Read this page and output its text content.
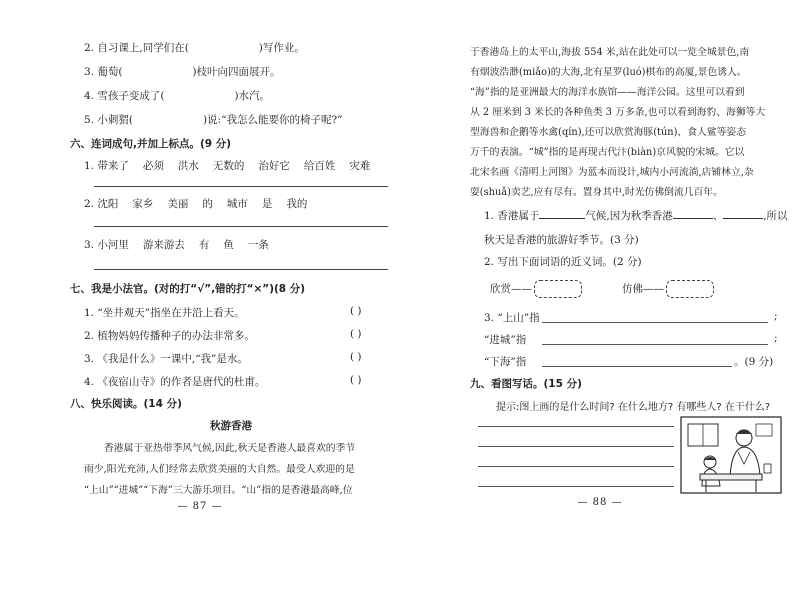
2. 自习课上,同学们在(	)写作业。
3. 葡萄(	)枝叶向四面展开。
4. 雪孩子变成了(	)水汽。
5. 小刺猬(	)说:“我怎么能要你的椅子呢?”
六、连词成句,并加上标点。(9 分)
1. 带来了 必须 洪水 无数的 治好它 给百姓 灾难
2. 沈阳 家乡 美丽 的 城市 是 我的
3. 小河里 游来游去 有 鱼 一条
七、我是小法官。(对的打“√”,错的打“×”)(8 分)
1. “坐井观天”指坐在井沿上看天。	( )
2. 植物妈妈传播种子的办法非常多。	( )
3. 《我是什么》一课中,“我”是水。	( )
4. 《夜宿山寺》的作者是唐代的杜甫。	( )
八、快乐阅读。(14 分)
秋游香港
香港属于亚热带季风气候,因此,秋天是香港人最喜欢的季节
雨少,阳光充沛,人们经常去欣赏美丽的大自然。最受人欢迎的是
“上山”“进城”“下海”三大游乐项目。“山”指的是香港最高峰,位
— 87 —
于香港岛上的太平山,海拔 554 米,站在此处可以一览全城景色,南
有烟波浩渺(miǎo)的大海,北有星罗(luó)棋布的高厦,景色诱人。
“海”指的是亚洲最大的海洋水族馆——海洋公园。这里可以看到
从 2 厘米到 3 米长的各种鱼类 3 万多条,也可以看到海豹、海狮等大
型海兽和企鹅等水禽(qín),还可以欣赏海豚(tún)、食人鲨等姿态
万千的表演。“城”指的是再现古代汴(biàn)京风貌的宋城。它以
北宋名画《清明上河图》为蓝本而设计,城内小河流淌,店铺林立,杂
耍(shuǎ)卖艺,应有尽有。置身其中,时光仿佛倒流几百年。
1. 香港属于	气候,因为秋季香港	、	,所以
秋天是香港的旅游好季节。(3 分)
2. 写出下面词语的近义词。(2 分)
欣赏——	仿佛——
3. “上山”指	;
“进城”指	;
“下海”指	。(9 分)
九、看图写话。(15 分)
提示:图上画的是什么时间? 在什么地方? 有哪些人? 在干什么?
— 88 —
